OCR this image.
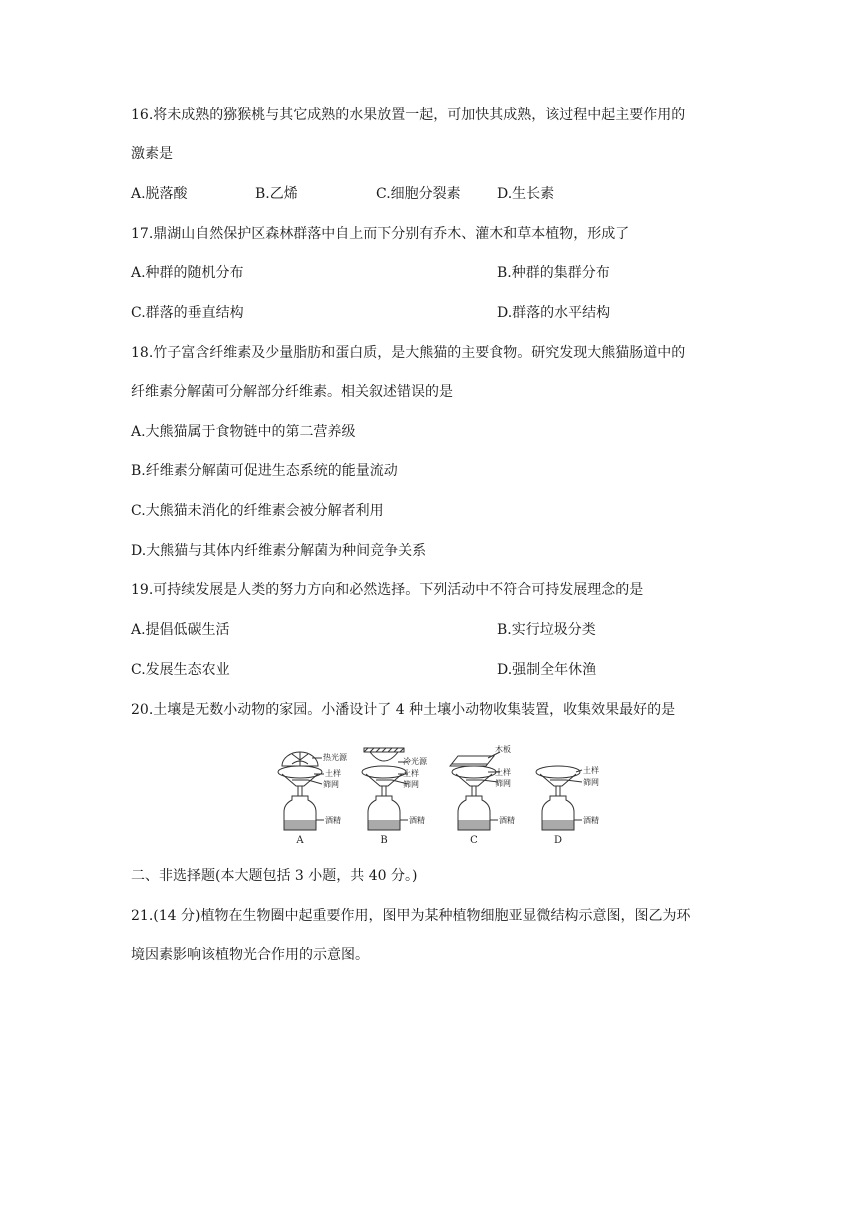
16.将未成熟的猕猴桃与其它成熟的水果放置一起，可加快其成熟，该过程中起主要作用的
激素是
A.脱落酸	B.乙烯	C.细胞分裂素	D.生长素
17.鼎湖山自然保护区森林群落中自上而下分别有乔木、灌木和草本植物，形成了
A.种群的随机分布	B.种群的集群分布
C.群落的垂直结构	D.群落的水平结构
18.竹子富含纤维素及少量脂肪和蛋白质，是大熊猫的主要食物。研究发现大熊猫肠道中的
纤维素分解菌可分解部分纤维素。相关叙述错误的是
A.大熊猫属于食物链中的第二营养级
B.纤维素分解菌可促进生态系统的能量流动
C.大熊猫未消化的纤维素会被分解者利用
D.大熊猫与其体内纤维素分解菌为种间竞争关系
19.可持续发展是人类的努力方向和必然选择。下列活动中不符合可持发展理念的是
A.提倡低碳生活	B.实行垃圾分类
C.发展生态农业	D.强制全年休渔
20.土壤是无数小动物的家园。小潘设计了 4 种土壤小动物收集装置，收集效果最好的是
热光源
土样
筛网
酒精
冷光源
土样
筛网
酒精
木板
土样
筛网
酒精
土样
筛网
酒精
A	B	C	D
二、非选择题(本大题包括 3 小题，共 40 分。)
21.(14 分)植物在生物圈中起重要作用，图甲为某种植物细胞亚显微结构示意图，图乙为环
境因素影响该植物光合作用的示意图。
